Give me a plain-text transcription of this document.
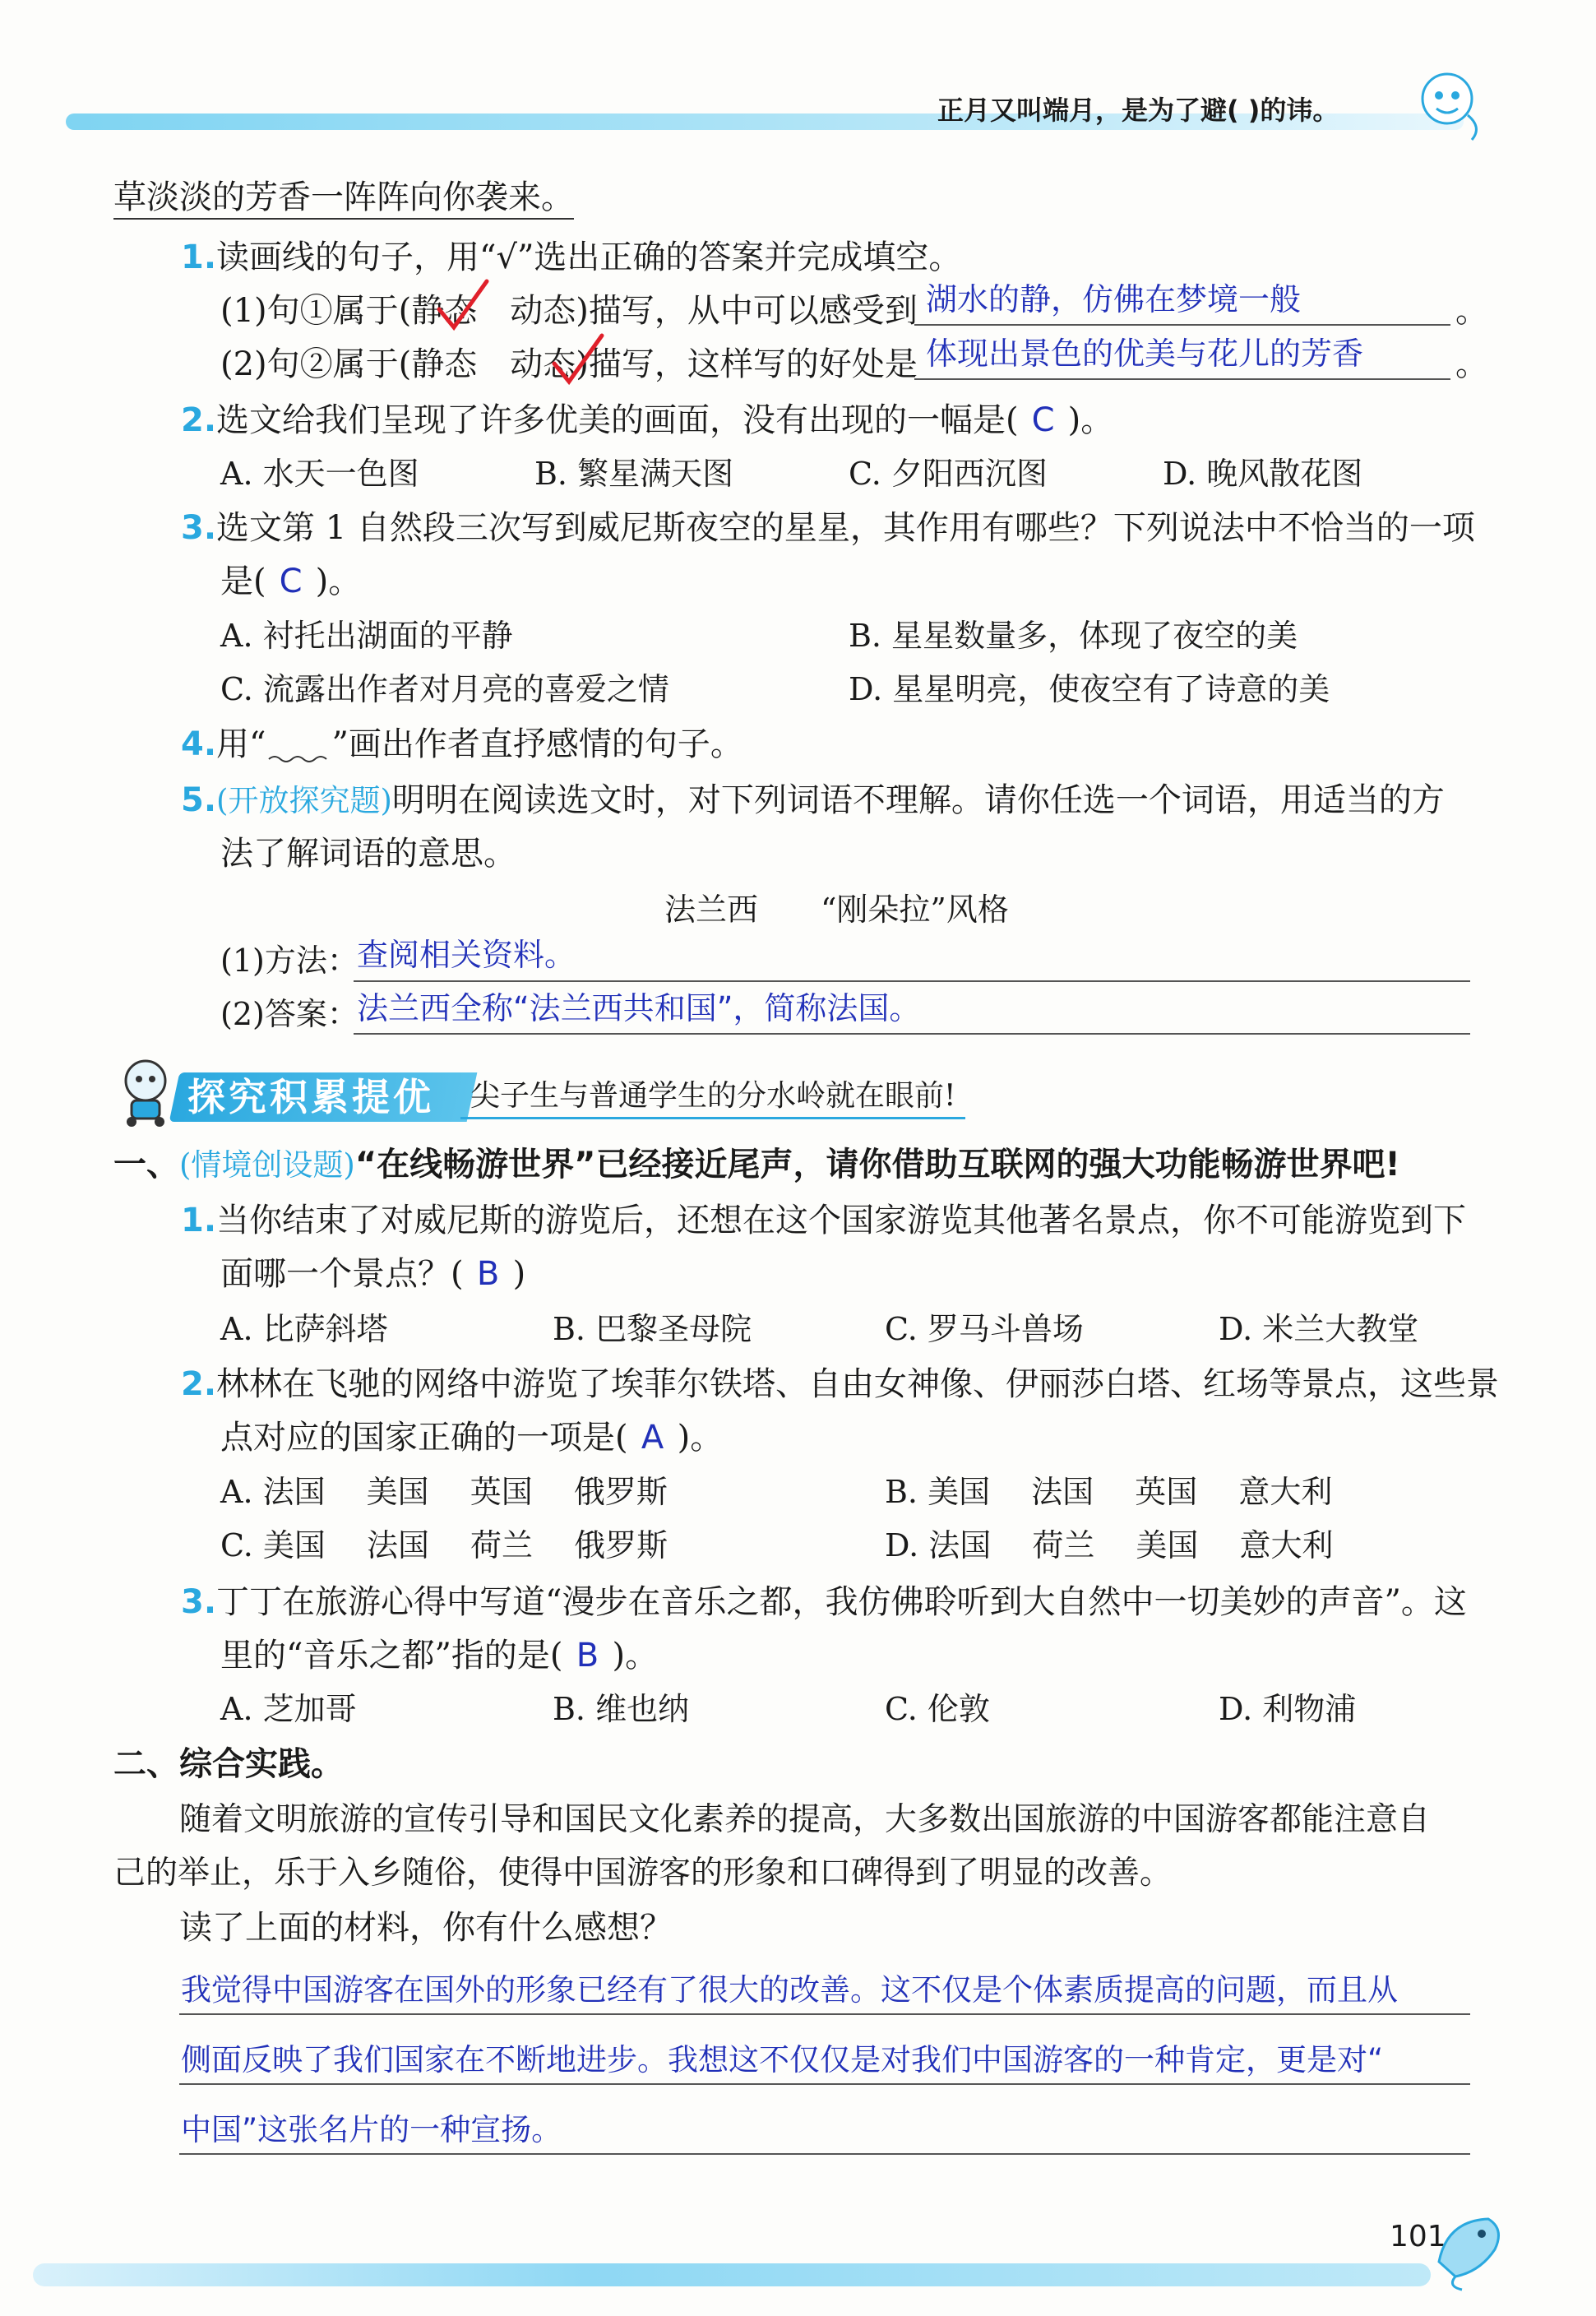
正月又叫端月，是为了避( )的讳。
草淡淡的芳香一阵阵向你袭来。
1.读画线的句子，用“√”选出正确的答案并完成填空。
(1)句①属于(静态　动态)描写，从中可以感受到 湖水的静，仿佛在梦境一般	。
(2)句②属于(静态　动态)描写，这样写的好处是 体现出景色的优美与花儿的芳香	。
2.选文给我们呈现了许多优美的画面，没有出现的一幅是( C )。
A. 水天一色图	B. 繁星满天图	C. 夕阳西沉图	D. 晚风散花图
3.选文第 1 自然段三次写到威尼斯夜空的星星，其作用有哪些？下列说法中不恰当的一项
是( C )。
A. 衬托出湖面的平静	B. 星星数量多，体现了夜空的美
C. 流露出作者对月亮的喜爱之情	D. 星星明亮，使夜空有了诗意的美
4.用“ ”画出作者直抒感情的句子。
5.(开放探究题)明明在阅读选文时，对下列词语不理解。请你任选一个词语，用适当的方
法了解词语的意思。
法兰西　　“刚朵拉”风格
(1)方法：
查阅相关资料。
(2)答案：
法兰西全称“法兰西共和国”，简称法国。
探究积累提优	尖子生与普通学生的分水岭就在眼前!
一、(情境创设题)“在线畅游世界”已经接近尾声，请你借助互联网的强大功能畅游世界吧!
1.当你结束了对威尼斯的游览后，还想在这个国家游览其他著名景点，你不可能游览到下
面哪一个景点？( B )
A. 比萨斜塔	B. 巴黎圣母院	C. 罗马斗兽场	D. 米兰大教堂
2.林林在飞驰的网络中游览了埃菲尔铁塔、自由女神像、伊丽莎白塔、红场等景点，这些景
点对应的国家正确的一项是( A )。
A. 法国　 美国　 英国　 俄罗斯	B. 美国　 法国　 英国　 意大利
C. 美国　 法国　 荷兰　 俄罗斯	D. 法国　 荷兰　 美国　 意大利
3.丁丁在旅游心得中写道“漫步在音乐之都，我仿佛聆听到大自然中一切美妙的声音”。这
里的“音乐之都”指的是( B )。
A. 芝加哥	B. 维也纳	C. 伦敦	D. 利物浦
二、综合实践。
随着文明旅游的宣传引导和国民文化素养的提高，大多数出国旅游的中国游客都能注意自
己的举止，乐于入乡随俗，使得中国游客的形象和口碑得到了明显的改善。
读了上面的材料，你有什么感想？
我觉得中国游客在国外的形象已经有了很大的改善。这不仅是个体素质提高的问题，而且从
侧面反映了我们国家在不断地进步。我想这不仅仅是对我们中国游客的一种肯定，更是对“
中国”这张名片的一种宣扬。
101
